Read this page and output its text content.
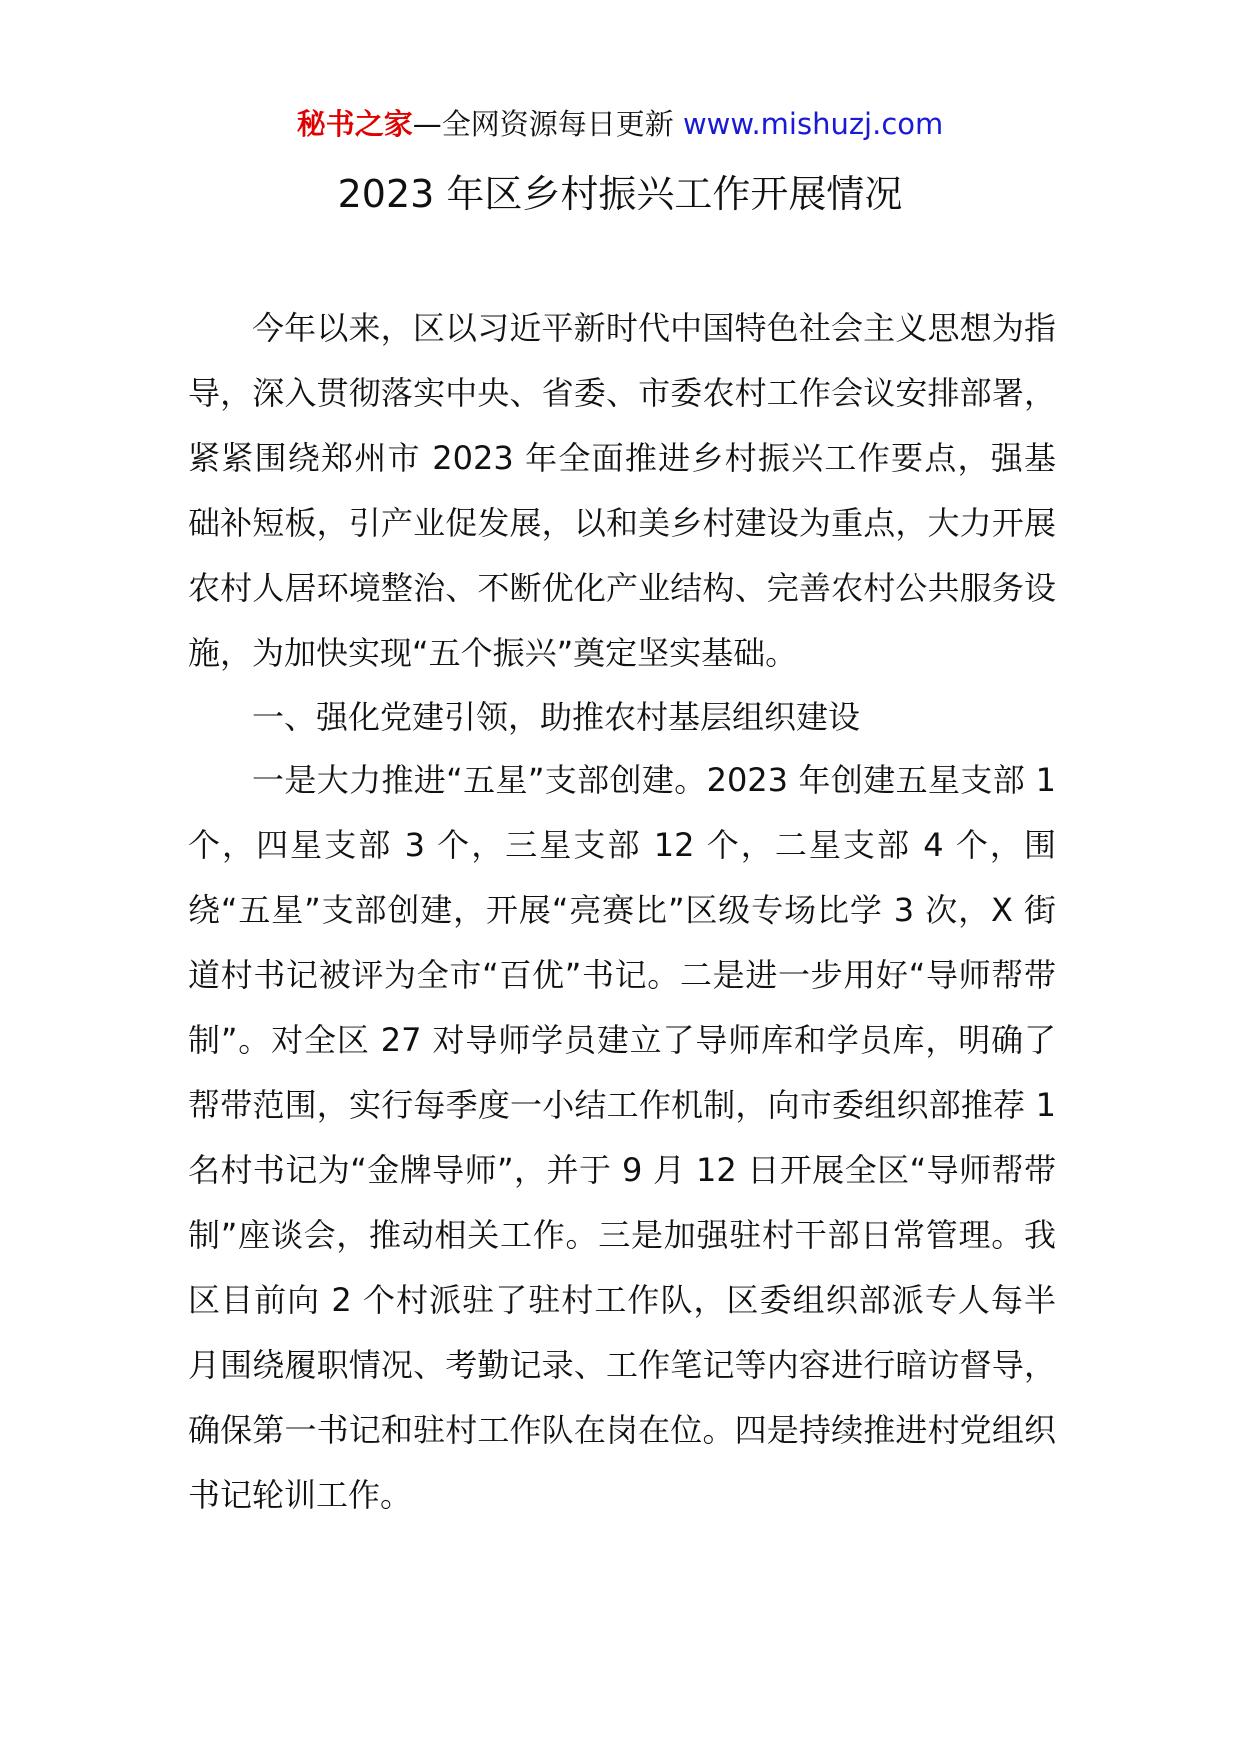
秘书之家—全网资源每日更新 www.mishuzj.com
2023 年区乡村振兴工作开展情况

今年以来，区以习近平新时代中国特色社会主义思想为指导，深入贯彻落实中央、省委、市委农村工作会议安排部署，紧紧围绕郑州市 2023 年全面推进乡村振兴工作要点，强基础补短板，引产业促发展，以和美乡村建设为重点，大力开展农村人居环境整治、不断优化产业结构、完善农村公共服务设施，为加快实现“五个振兴”奠定坚实基础。

一、强化党建引领，助推农村基层组织建设

一是大力推进“五星”支部创建。2023 年创建五星支部 1 个，四星支部 3 个，三星支部 12 个，二星支部 4 个，围绕“五星”支部创建，开展“亮赛比”区级专场比学 3 次，X 街道村书记被评为全市“百优”书记。二是进一步用好“导师帮带制”。对全区 27 对导师学员建立了导师库和学员库，明确了帮带范围，实行每季度一小结工作机制，向市委组织部推荐 1 名村书记为“金牌导师”，并于 9 月 12 日开展全区“导师帮带制”座谈会，推动相关工作。三是加强驻村干部日常管理。我区目前向 2 个村派驻了驻村工作队，区委组织部派专人每半月围绕履职情况、考勤记录、工作笔记等内容进行暗访督导，确保第一书记和驻村工作队在岗在位。四是持续推进村党组织书记轮训工作。
